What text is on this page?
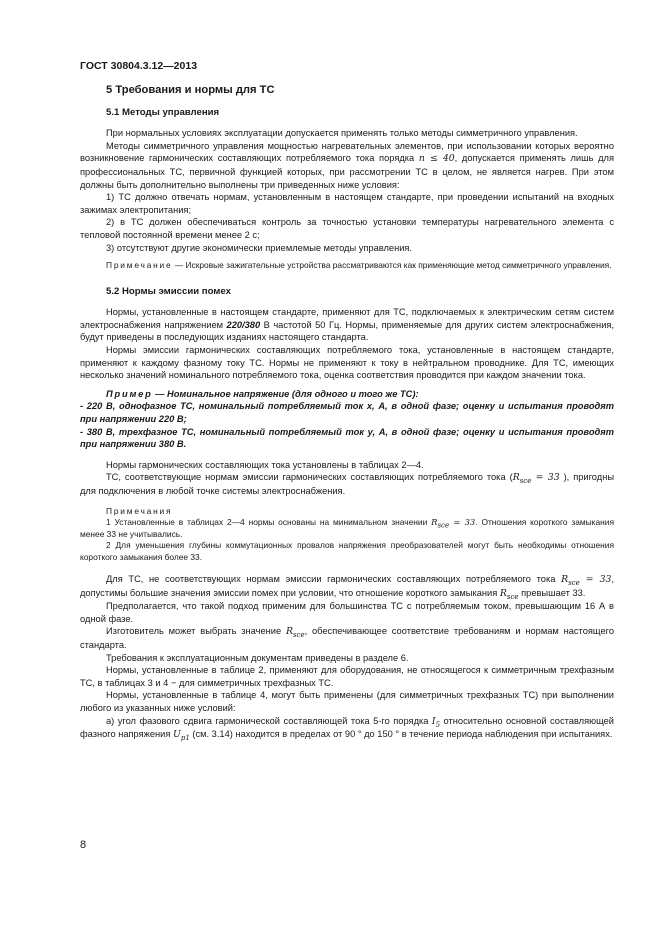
ГОСТ 30804.3.12—2013
5 Требования и нормы для ТС
5.1 Методы управления

При нормальных условиях эксплуатации допускается применять только методы симметричного управления.

Методы симметричного управления мощностью нагревательных элементов, при использовании которых вероятно возникновение гармонических составляющих потребляемого тока порядка n ≤ 40, допускается применять лишь для профессиональных ТС, первичной функцией которых, при рассмотрении ТС в целом, не является нагрев. При этом должны быть дополнительно выполнены три приведенных ниже условия:

1) ТС должно отвечать нормам, установленным в настоящем стандарте, при проведении испытаний на входных зажимах электропитания;

2) в ТС должен обеспечиваться контроль за точностью установки температуры нагревательного элемента с тепловой постоянной времени менее 2 с;

3) отсутствуют другие экономически приемлемые методы управления.

Примечание — Искровые зажигательные устройства рассматриваются как применяющие метод симметричного управления.

5.2 Нормы эмиссии помех

Нормы, установленные в настоящем стандарте, применяют для ТС, подключаемых к электрическим сетям систем электроснабжения напряжением 220/380 В частотой 50 Гц. Нормы, применяемые для других систем электроснабжения, будут приведены в последующих изданиях настоящего стандарта.

Нормы эмиссии гармонических составляющих потребляемого тока, установленные в настоящем стандарте, применяют к каждому фазному току ТС. Нормы не применяют к току в нейтральном проводнике. Для ТС, имеющих несколько значений номинального потребляемого тока, оценка соответствия проводится при каждом значении тока.

Пример — Номинальное напряжение (для одного и того же ТС):

- 220 В, однофазное ТС, номинальный потребляемый ток x, А, в одной фазе; оценку и испытания проводят при напряжении 220 В;

- 380 В, трехфазное ТС, номинальный потребляемый ток y, А, в одной фазе; оценку и испытания проводят при напряжении 380 В.

Нормы гармонических составляющих тока установлены в таблицах 2—4.

ТС, соответствующие нормам эмиссии гармонических составляющих потребляемого тока ($R_{sce} = 33$ ), пригодны для подключения в любой точке системы электроснабжения.

Примечания

1 Установленные в таблицах 2—4 нормы основаны на минимальном значении $R_{sce} = 33$. Отношения короткого замыкания менее 33 не учитывались.

2 Для уменьшения глубины коммутационных провалов напряжения преобразователей могут быть необходимы отношения короткого замыкания более 33.

Для ТС, не соответствующих нормам эмиссии гармонических составляющих потребляемого тока $R_{sce} = 33$, допустимы большие значения эмиссии помех при условии, что отношение короткого замыкания $R_{sce}$ превышает 33.

Предполагается, что такой подход применим для большинства ТС с потребляемым током, превышающим 16 А в одной фазе.

Изготовитель может выбрать значение $R_{sce}$, обеспечивающее соответствие требованиям и нормам настоящего стандарта.

Требования к эксплуатационным документам приведены в разделе 6.

Нормы, установленные в таблице 2, применяют для оборудования, не относящегося к симметричным трехфазным ТС, в таблицах 3 и 4 − для симметричных трехфазных ТС.

Нормы, установленные в таблице 4, могут быть применены (для симметричных трехфазных ТС) при выполнении любого из указанных ниже условий:

а) угол фазового сдвига гармонической составляющей тока 5-го порядка $I_5$ относительно основной составляющей фазного напряжения $U_{p1}$ (см. 3.14) находится в пределах от 90 ° до 150 ° в течение периода наблюдения при испытаниях.

8
